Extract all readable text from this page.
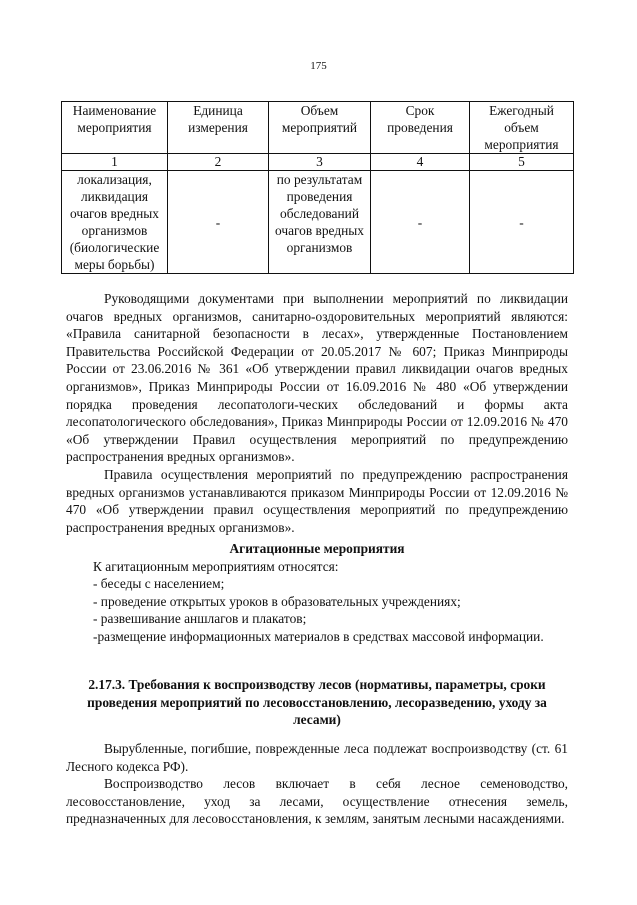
175
Наименование мероприятия	Единица измерения	Объем мероприятий	Срок проведения	Ежегодный объем мероприятия
1	2	3	4	5
локализация, ликвидация очагов вредных организмов (биологические меры борьбы)	-	по результатам проведения обследований очагов вредных организмов	-	-

Руководящими документами при выполнении мероприятий по ликвидации очагов вредных организмов, санитарно-оздоровительных мероприятий являются: «Правила санитарной безопасности в лесах», утвержденные Постановлением Правительства Российской Федерации от 20.05.2017 № 607; Приказ Минприроды России от 23.06.2016 № 361 «Об утверждении правил ликвидации очагов вредных организмов», Приказ Минприроды России от 16.09.2016 № 480 «Об утверждении порядка проведения лесопатологи-ческих обследований и формы акта лесопатологического обследования», Приказ Минприроды России от 12.09.2016 № 470 «Об утверждении Правил осуществления мероприятий по предупреждению распространения вредных организмов».

Правила осуществления мероприятий по предупреждению распространения вредных организмов устанавливаются приказом Минприроды России от 12.09.2016 № 470 «Об утверждении правил осуществления мероприятий по предупреждению распространения вредных организмов».

Агитационные мероприятия

К агитационным мероприятиям относятся:

- беседы с населением;

- проведение открытых уроков в образовательных учреждениях;

- развешивание аншлагов и плакатов;

-размещение информационных материалов в средствах массовой информации.

2.17.3. Требования к воспроизводству лесов (нормативы, параметры, сроки проведения мероприятий по лесовосстановлению, лесоразведению, уходу за лесами)

Вырубленные, погибшие, поврежденные леса подлежат воспроизводству (ст. 61 Лесного кодекса РФ).

Воспроизводство лесов включает в себя лесное семеноводство, лесовосстановление, уход за лесами, осуществление отнесения земель, предназначенных для лесовосстановления, к землям, занятым лесными насаждениями.
